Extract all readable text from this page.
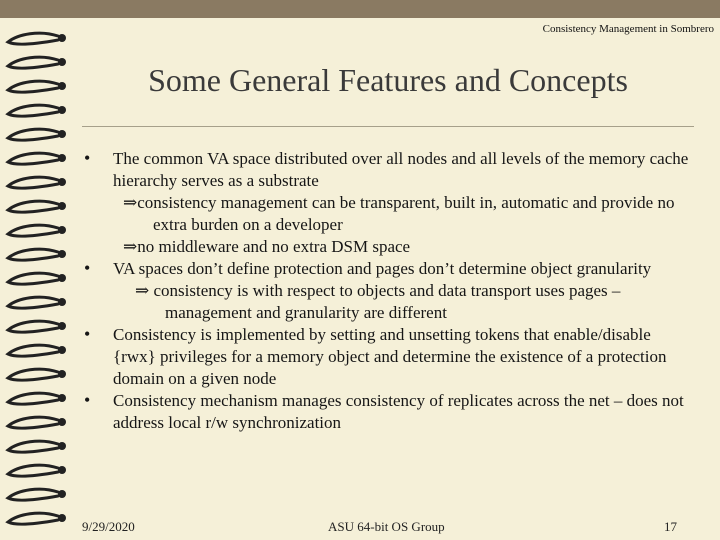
Consistency Management in Sombrero
Some General Features and Concepts
• The common VA space distributed over all nodes and all levels of the memory cache hierarchy serves as a substrate
⇒consistency management can be transparent, built in, automatic and provide no extra burden on a developer
⇒no middleware and no extra DSM space
• VA spaces don’t define protection and pages don’t determine object granularity
⇒ consistency is with respect to objects and data transport uses pages – management and granularity are different
• Consistency is implemented by setting and unsetting tokens that enable/disable {rwx} privileges for a memory object and determine the existence of a protection domain on a given node
• Consistency mechanism manages consistency of replicates across the net – does not address local r/w synchronization
9/29/2020	ASU 64-bit OS Group	17
